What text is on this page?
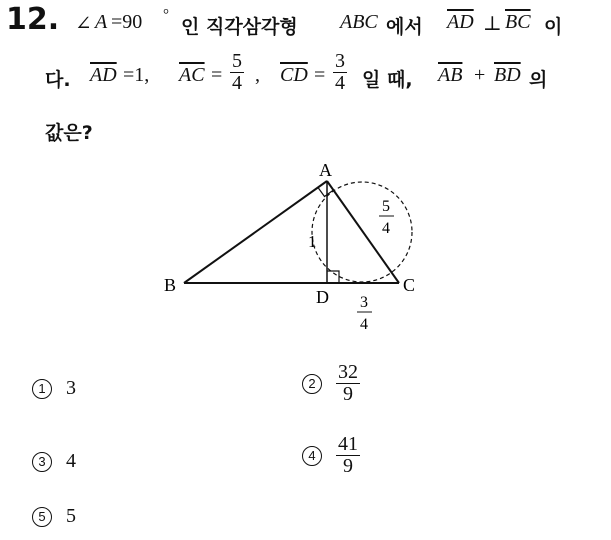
12. ∠ A =90 °
인 직각삼각형 ABC 에서 $\overline{AD}$ ⊥ $\overline{BC}$ 이
다. $\overline{AD} =1$, $\overline{AC} = \frac{5}{4}$ , $\overline{CD} = \frac{3}{4}$ 일 때, $\overline{AB} + \overline{BD}$ 의
값은?
A
B	C
D
1
5
4
3
4
1	3	2	$\frac{32}{9}$
3	4	4	$\frac{41}{9}$
5	5
